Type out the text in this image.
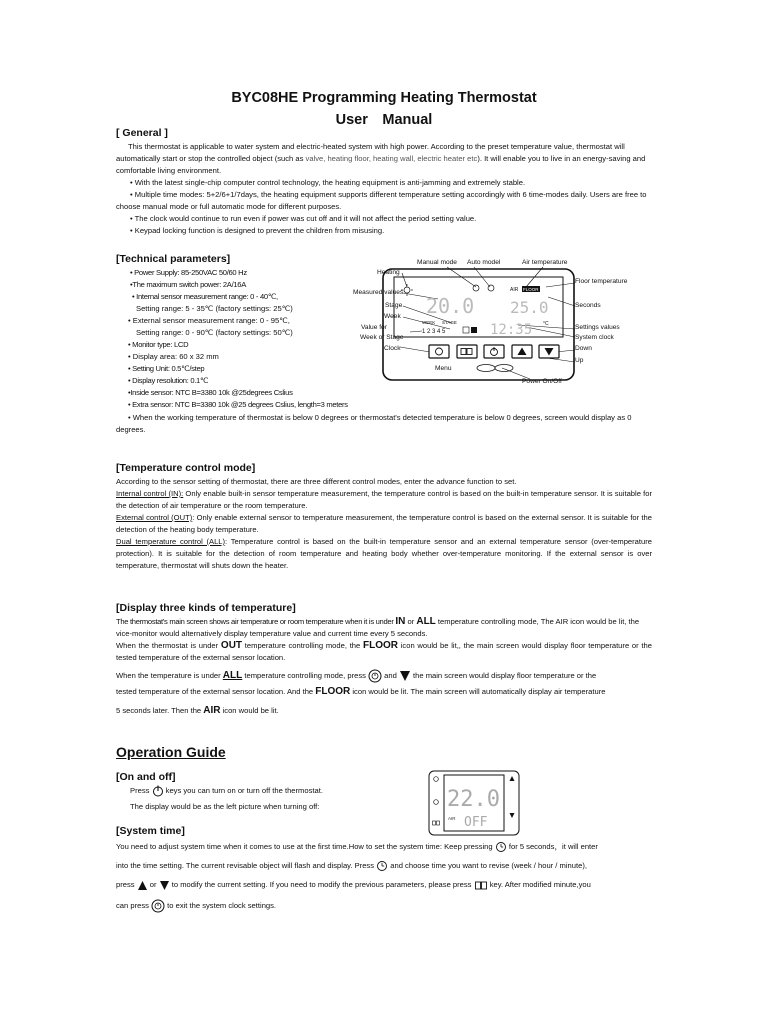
BYC08HE Programming Heating Thermostat
User　Manual
[ General ]
This thermostat is applicable to water system and electric-heated system with high power. According to the preset temperature value, thermostat will automatically start or stop the controlled object (such as valve, heating floor, heating wall, electric heater etc). It will enable you to live in an energy-saving and comfortable living environment.
• With the latest single-chip computer control technology, the heating equipment is anti-jamming and extremely stable.
• Multiple time modes: 5+2/6+1/7days, the heating equipment supports different temperature setting accordingly with 6 time-modes daily. Users are free to choose manual mode or full automatic mode for different purposes.
• The clock would continue to run even if power was cut off and it will not affect the period setting value.
• Keypad locking function is designed to prevent the children from misusing.
[Technical parameters]
• Power Supply: 85-250VAC 50/60 Hz
•The maximum switch power: 2A/16A
• Internal sensor measurement range: 0 - 40℃,
Setting range: 5 - 35℃ (factory settings: 25℃)
• External sensor measurement range: 0 - 95℃,
Setting range: 0 - 90℃ (factory settings: 50℃)
• Monitor type: LCD
• Display area: 60 x 32 mm
• Setting Unit: 0.5℃/step
• Display resolution: 0.1℃
•Inside sensor: NTC B=3380 10k @25degrees Cslius
• Extra sensor: NTC B=3380 10k @25 degrees Cslius, length=3 meters
• When the working temperature of thermostat is below 0 degrees or thermostat's detected temperature is below 0 degrees, screen would display as 0 degrees.
AIR FLOOR
20.0 25.0
WEEK STAGE
1 2 3 4 5	12:35 °C
Manual mode Auto model	Air temperature
Heating
Floor temperature
Measured values
Stage	Seconds
Week
Value for	Settings values
Week or Stage	System clock
Clock	Down
Up
Menu
Power On/Off
[Temperature control mode]
According to the sensor setting of thermostat, there are three different control modes, enter the advance function to set.
Internal control (IN): Only enable built-in sensor temperature measurement, the temperature control is based on the built-in temperature sensor. It is suitable for the detection of air temperature or the room temperature.
External control (OUT): Only enable external sensor to temperature measurement, the temperature control is based on the external sensor. It is suitable for the detection of the heating body temperature.
Dual temperature control (ALL): Temperature control is based on the built-in temperature sensor and an external temperature sensor (over-temperature protection). It is suitable for the detection of room temperature and heating body whether over-temperature monitoring. If the external sensor is over temperature, thermostat will shuts down the heater.
[Display three kinds of temperature]
The thermostat's main screen shows air temperature or room temperature when it is under IN or ALL temperature controlling mode, The AIR icon would be lit, the vice-monitor would alternatively display temperature value and current time every 5 seconds.
When the thermostat is under OUT temperature controlling mode, the FLOOR icon would be lit,, the main screen would display floor temperature or the tested temperature of the external sensor location.
When the temperature is under ALL temperature controlling mode, press  and  the main screen would display floor temperature or the
tested temperature of the external sensor location. And the FLOOR icon would be lit. The main screen will automatically display air temperature
5 seconds later. Then the AIR icon would be lit.
Operation Guide
[On and off]
Press  keys you can turn on or turn off the thermostat.
The display would be as the left picture when turning off:	22.0
AIR OFF
[System time]
You need to adjust system time when it comes to use at the first time.How to set the system time: Keep pressing  for 5 seconds，it will enter
into the time setting. The current revisable object will flash and display. Press  and choose time you want to revise (week / hour / minute),
press  or  to modify the current setting. If you need to modify the previous parameters, please press  key. After modified minute,you
can press  to exit the system clock settings.
